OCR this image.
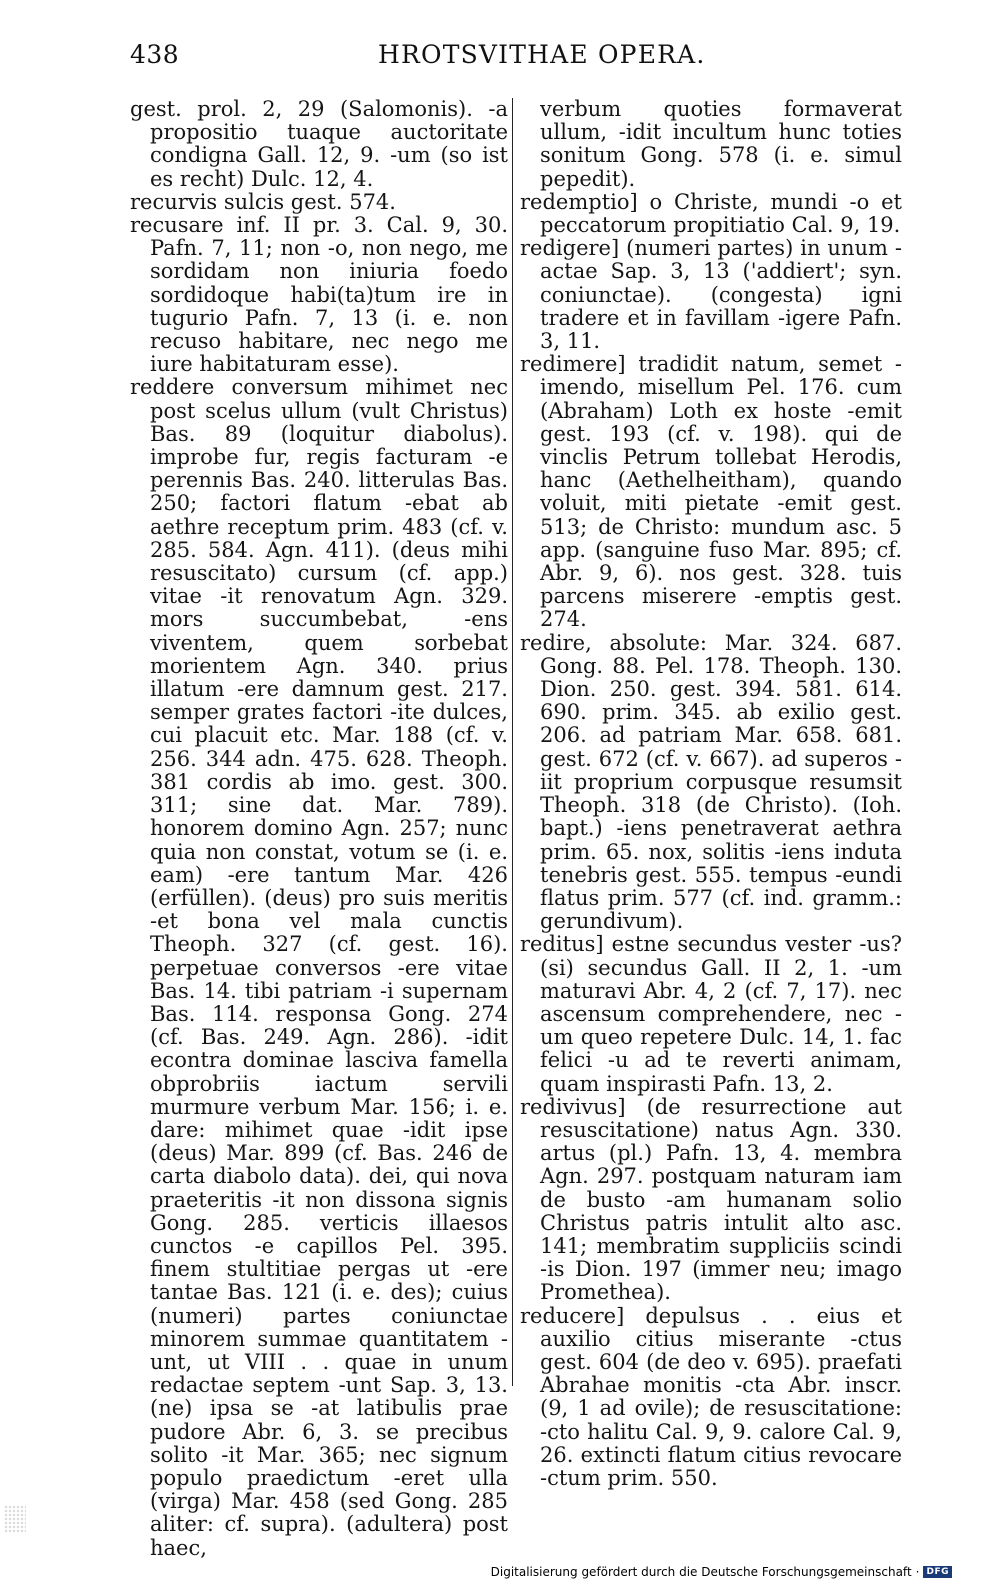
438	HROTSVITHAE OPERA.

gest. prol. 2, 29 (Salomonis). -a propositio tuaque auctoritate condigna Gall. 12, 9. -um (so ist es recht) Dulc. 12, 4.

recurvis sulcis gest. 574.

recusare inf. II pr. 3. Cal. 9, 30. Pafn. 7, 11; non -o, non nego, me sordidam non iniuria foedo sordidoque habi(ta)tum ire in tugurio Pafn. 7, 13 (i. e. non recuso habitare, nec nego me iure habitaturam esse).

reddere conversum mihimet nec post scelus ullum (vult Christus) Bas. 89 (loquitur diabolus). improbe fur, regis facturam -e perennis Bas. 240. litterulas Bas. 250; factori flatum -ebat ab aethre receptum prim. 483 (cf. v. 285. 584. Agn. 411). (deus mihi resuscitato) cursum (cf. app.) vitae -it renovatum Agn. 329. mors succumbebat, -ens viventem, quem sorbebat morientem Agn. 340. prius illatum -ere damnum gest. 217. semper grates factori -ite dulces, cui placuit etc. Mar. 188 (cf. v. 256. 344 adn. 475. 628. Theoph. 381 cordis ab imo. gest. 300. 311; sine dat. Mar. 789). honorem domino Agn. 257; nunc quia non constat, votum se (i. e. eam) -ere tantum Mar. 426 (erfüllen). (deus) pro suis meritis -et bona vel mala cunctis Theoph. 327 (cf. gest. 16). perpetuae conversos -ere vitae Bas. 14. tibi patriam -i supernam Bas. 114. responsa Gong. 274 (cf. Bas. 249. Agn. 286). -idit econtra dominae lasciva famella obprobriis iactum servili murmure verbum Mar. 156; i. e. dare: mihimet quae -idit ipse (deus) Mar. 899 (cf. Bas. 246 de carta diabolo data). dei, qui nova praeteritis -it non dissona signis Gong. 285. verticis illaesos cunctos -e capillos Pel. 395. finem stultitiae pergas ut -ere tantae Bas. 121 (i. e. des); cuius (numeri) partes coniunctae minorem summae quantitatem -unt, ut VIII . . quae in unum redactae septem -unt Sap. 3, 13. (ne) ipsa se -at latibulis prae pudore Abr. 6, 3. se precibus solito -it Mar. 365; nec signum populo praedictum -eret ulla (virga) Mar. 458 (sed Gong. 285 aliter: cf. supra). (adultera) post haec,

verbum quoties formaverat ullum, -idit incultum hunc toties sonitum Gong. 578 (i. e. simul pepedit).

redemptio] o Christe, mundi -o et peccatorum propitiatio Cal. 9, 19.

redigere] (numeri partes) in unum -actae Sap. 3, 13 ('addiert'; syn. coniunctae). (congesta) igni tradere et in favillam -igere Pafn. 3, 11.

redimere] tradidit natum, semet -imendo, misellum Pel. 176. cum (Abraham) Loth ex hoste -emit gest. 193 (cf. v. 198). qui de vinclis Petrum tollebat Herodis, hanc (Aethelheitham), quando voluit, miti pietate -emit gest. 513; de Christo: mundum asc. 5 app. (sanguine fuso Mar. 895; cf. Abr. 9, 6). nos gest. 328. tuis parcens miserere -emptis gest. 274.

redire, absolute: Mar. 324. 687. Gong. 88. Pel. 178. Theoph. 130. Dion. 250. gest. 394. 581. 614. 690. prim. 345. ab exilio gest. 206. ad patriam Mar. 658. 681. gest. 672 (cf. v. 667). ad superos -iit proprium corpusque resumsit Theoph. 318 (de Christo). (Ioh. bapt.) -iens penetraverat aethra prim. 65. nox, solitis -iens induta tenebris gest. 555. tempus -eundi flatus prim. 577 (cf. ind. gramm.: gerundivum).

reditus] estne secundus vester -us? (si) secundus Gall. II 2, 1. -um maturavi Abr. 4, 2 (cf. 7, 17). nec ascensum comprehendere, nec -um queo repetere Dulc. 14, 1. fac felici -u ad te reverti animam, quam inspirasti Pafn. 13, 2.

redivivus] (de resurrectione aut resuscitatione) natus Agn. 330. artus (pl.) Pafn. 13, 4. membra Agn. 297. postquam naturam iam de busto -am humanam solio Christus patris intulit alto asc. 141; membratim suppliciis scindi -is Dion. 197 (immer neu; imago Promethea).

reducere] depulsus . . eius et auxilio citius miserante -ctus gest. 604 (de deo v. 695). praefati Abrahae monitis -cta Abr. inscr. (9, 1 ad ovile); de resuscitatione: -cto halitu Cal. 9, 9. calore Cal. 9, 26. extincti flatum citius revocare -ctum prim. 550.

Digitalisierung gefördert durch die Deutsche Forschungsgemeinschaft · DFG
